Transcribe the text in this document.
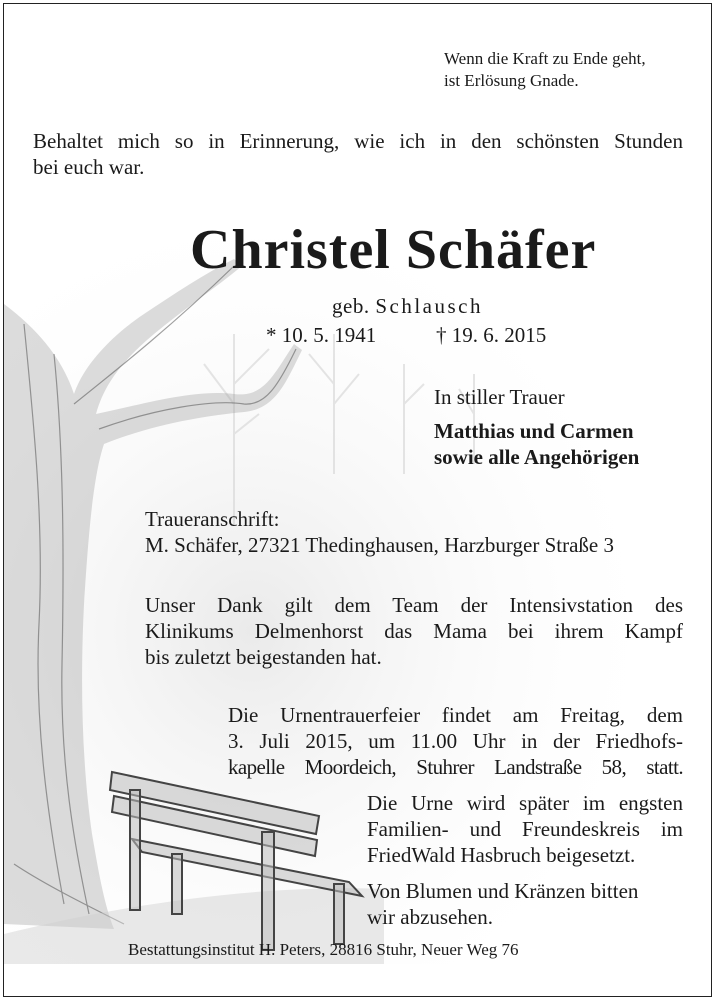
Wenn die Kraft zu Ende geht,

ist Erlösung Gnade.

Behaltet mich so in Erinnerung, wie ich in den schönsten Stunden

bei euch war.

Christel Schäfer

geb. Schlausch

* 10. 5. 1941	† 19. 6. 2015

In stiller Trauer

Matthias und Carmen

sowie alle Angehörigen

Traueranschrift:

M. Schäfer, 27321 Thedinghausen, Harzburger Straße 3

Unser Dank gilt dem Team der Intensivstation des

Klinikums Delmenhorst das Mama bei ihrem Kampf

bis zuletzt beigestanden hat.

Die Urnentrauerfeier findet am Freitag, dem

3. Juli 2015, um 11.00 Uhr in der Friedhofs-

kapelle Moordeich, Stuhrer Landstraße 58, statt.

Die Urne wird später im engsten

Familien- und Freundeskreis im

FriedWald Hasbruch beigesetzt.

Von Blumen und Kränzen bitten

wir abzusehen.

Bestattungsinstitut H. Peters, 28816 Stuhr, Neuer Weg 76
